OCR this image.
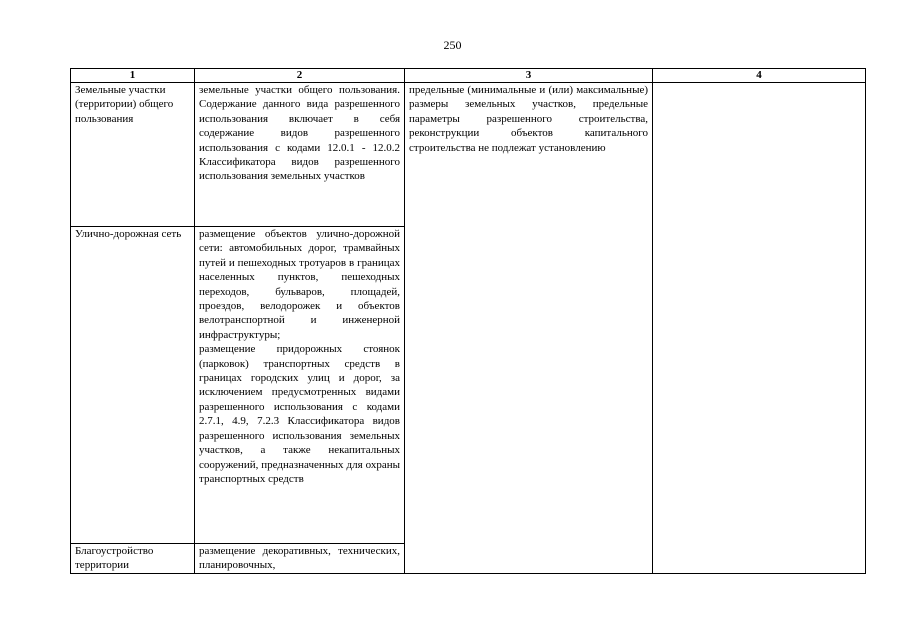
250
1	2	3	4
Земельные участки (территории) общего пользования	земельные участки общего пользования. Содержание данного вида разрешенного использования включает в себя содержание видов разрешенного использования с кодами 12.0.1 - 12.0.2 Классификатора видов разрешенного использования земельных участков	предельные (минимальные и (или) максимальные) размеры земельных участков, предельные параметры разрешенного строительства, реконструкции объектов капитального строительства не подлежат установлению	
Улично-дорожная сеть	размещение объектов улично-дорожной сети: автомобильных дорог, трамвайных путей и пешеходных тротуаров в границах населенных пунктов, пешеходных переходов, бульваров, площадей, проездов, велодорожек и объектов велотранспортной и инженерной инфраструктуры;
размещение придорожных стоянок (парковок) транспортных средств в границах городских улиц и дорог, за исключением предусмотренных видами разрешенного использования с кодами 2.7.1, 4.9, 7.2.3 Классификатора видов разрешенного использования земельных участков, а также некапитальных сооружений, предназначенных для охраны транспортных средств		

Благоустройство территории	размещение декоративных, технических, планировочных,		
